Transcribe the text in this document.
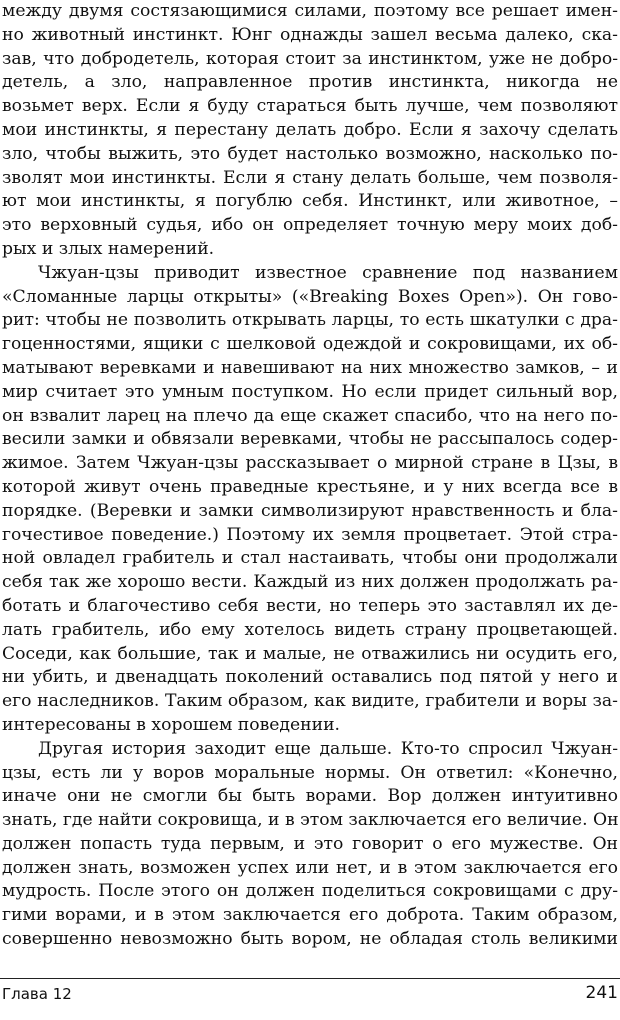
между двумя состязающимися силами, поэтому все решает имен-
но животный инстинкт. Юнг однажды зашел весьма далеко, ска-
зав, что добродетель, которая стоит за инстинктом, уже не добро-
детель, а зло, направленное против инстинкта, никогда не
возьмет верх. Если я буду стараться быть лучше, чем позволяют
мои инстинкты, я перестану делать добро. Если я захочу сделать
зло, чтобы выжить, это будет настолько возможно, насколько по-
зволят мои инстинкты. Если я стану делать больше, чем позволя-
ют мои инстинкты, я погублю себя. Инстинкт, или животное, –
это верховный судья, ибо он определяет точную меру моих доб-
рых и злых намерений.
Чжуан-цзы приводит известное сравнение под названием
«Сломанные ларцы открыты» («Breaking Boxes Open»). Он гово-
рит: чтобы не позволить открывать ларцы, то есть шкатулки с дра-
гоценностями, ящики с шелковой одеждой и сокровищами, их об-
матывают веревками и навешивают на них множество замков, – и
мир считает это умным поступком. Но если придет сильный вор,
он взвалит ларец на плечо да еще скажет спасибо, что на него по-
весили замки и обвязали веревками, чтобы не рассыпалось содер-
жимое. Затем Чжуан-цзы рассказывает о мирной стране в Цзы, в
которой живут очень праведные крестьяне, и у них всегда все в
порядке. (Веревки и замки символизируют нравственность и бла-
гочестивое поведение.) Поэтому их земля процветает. Этой стра-
ной овладел грабитель и стал настаивать, чтобы они продолжали
себя так же хорошо вести. Каждый из них должен продолжать ра-
ботать и благочестиво себя вести, но теперь это заставлял их де-
лать грабитель, ибо ему хотелось видеть страну процветающей.
Соседи, как большие, так и малые, не отважились ни осудить его,
ни убить, и двенадцать поколений оставались под пятой у него и
его наследников. Таким образом, как видите, грабители и воры за-
интересованы в хорошем поведении.
Другая история заходит еще дальше. Кто-то спросил Чжуан-
цзы, есть ли у воров моральные нормы. Он ответил: «Конечно,
иначе они не смогли бы быть ворами. Вор должен интуитивно
знать, где найти сокровища, и в этом заключается его величие. Он
должен попасть туда первым, и это говорит о его мужестве. Он
должен знать, возможен успех или нет, и в этом заключается его
мудрость. После этого он должен поделиться сокровищами с дру-
гими ворами, и в этом заключается его доброта. Таким образом,
совершенно невозможно быть вором, не обладая столь великими
Глава 12	241
